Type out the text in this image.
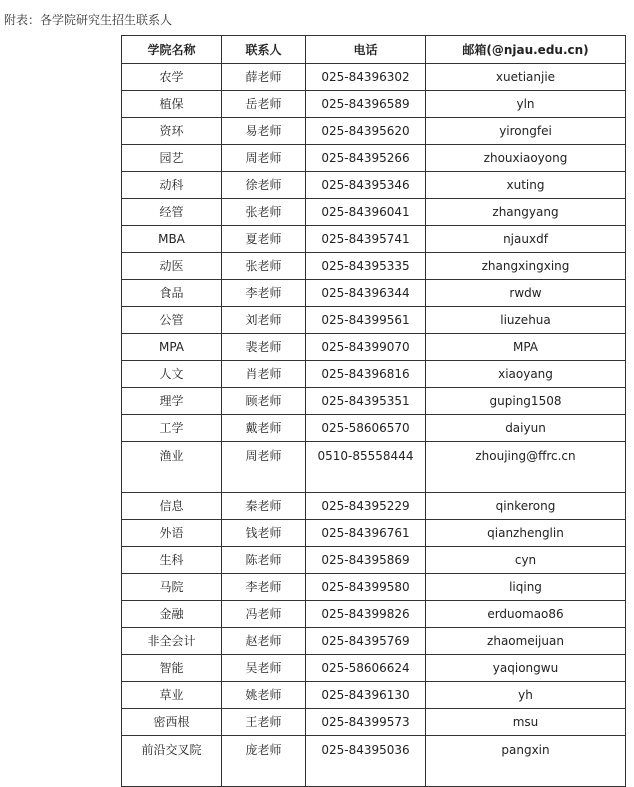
附表：各学院研究生招生联系人
学院名称	联系人	电话	邮箱(@njau.edu.cn)
农学	薛老师	025-84396302	xuetianjie
植保	岳老师	025-84396589	yln
资环	易老师	025-84395620	yirongfei
园艺	周老师	025-84395266	zhouxiaoyong
动科	徐老师	025-84395346	xuting
经管	张老师	025-84396041	zhangyang
MBA	夏老师	025-84395741	njauxdf
动医	张老师	025-84395335	zhangxingxing
食品	李老师	025-84396344	rwdw
公管	刘老师	025-84399561	liuzehua
MPA	裴老师	025-84399070	MPA
人文	肖老师	025-84396816	xiaoyang
理学	顾老师	025-84395351	guping1508
工学	戴老师	025-58606570	daiyun
渔业	周老师	0510-85558444	zhoujing@ffrc.cn
信息	秦老师	025-84395229	qinkerong
外语	钱老师	025-84396761	qianzhenglin
生科	陈老师	025-84395869	cyn
马院	李老师	025-84399580	liqing
金融	冯老师	025-84399826	erduomao86
非全会计	赵老师	025-84395769	zhaomeijuan
智能	吴老师	025-58606624	yaqiongwu
草业	姚老师	025-84396130	yh
密西根	王老师	025-84399573	msu
前沿交叉院	庞老师	025-84395036	pangxin
